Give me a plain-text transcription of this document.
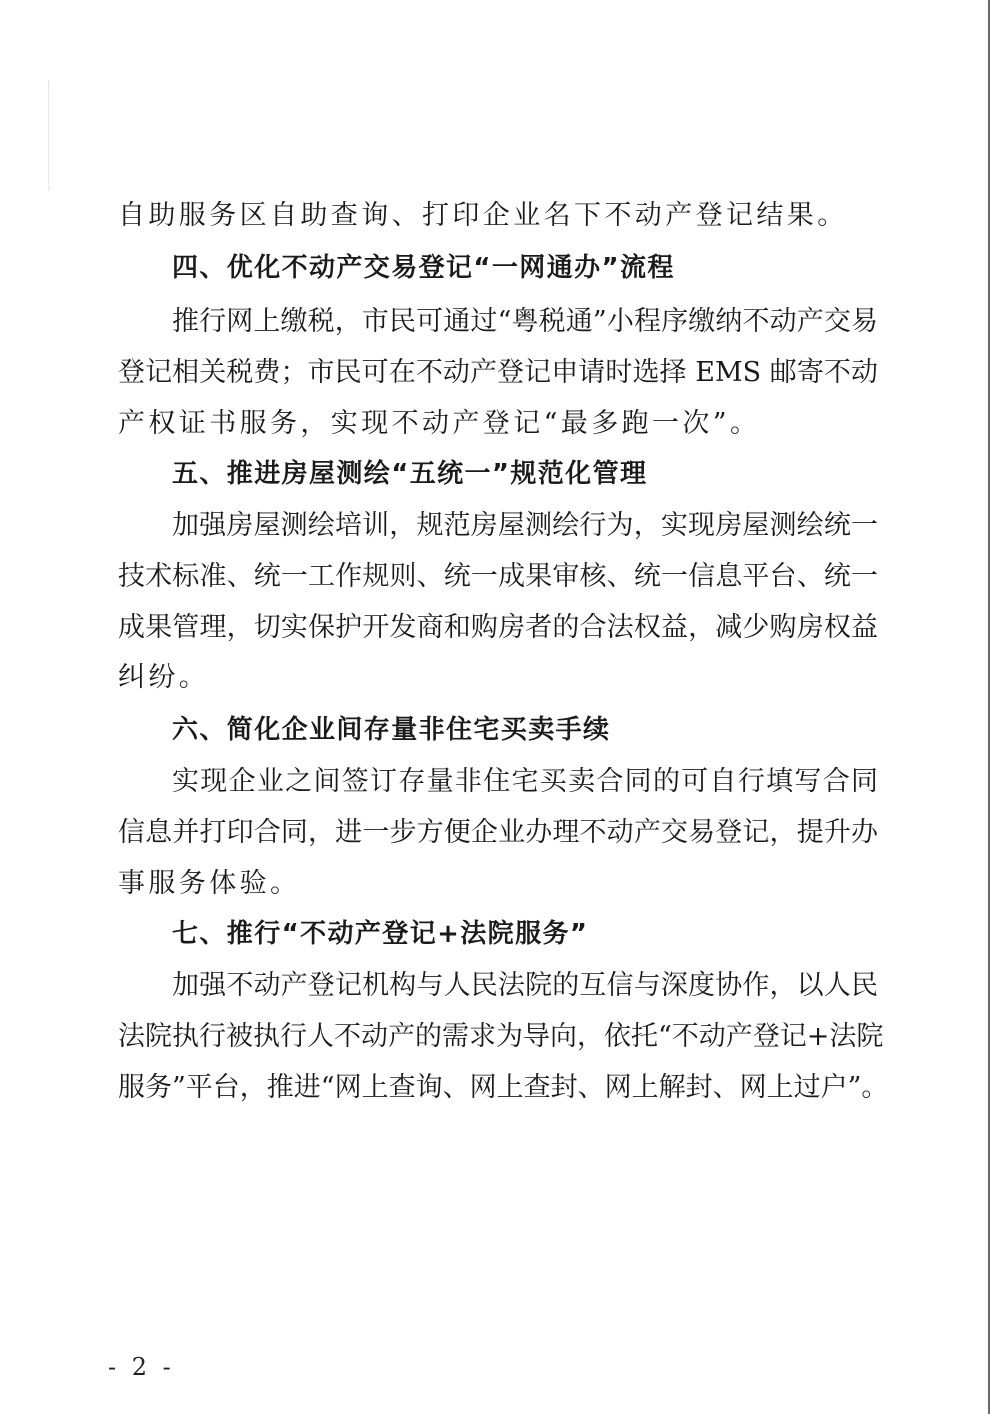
自助服务区自助查询、打印企业名下不动产登记结果。
四、优化不动产交易登记“一网通办”流程
推行网上缴税，市民可通过“粤税通”小程序缴纳不动产交易
登记相关税费；市民可在不动产登记申请时选择 EMS 邮寄不动
产权证书服务，实现不动产登记“最多跑一次”。
五、推进房屋测绘“五统一”规范化管理
加强房屋测绘培训，规范房屋测绘行为，实现房屋测绘统一
技术标准、统一工作规则、统一成果审核、统一信息平台、统一
成果管理，切实保护开发商和购房者的合法权益，减少购房权益
纠纷。
六、简化企业间存量非住宅买卖手续
实现企业之间签订存量非住宅买卖合同的可自行填写合同
信息并打印合同，进一步方便企业办理不动产交易登记，提升办
事服务体验。
七、推行“不动产登记+法院服务”
加强不动产登记机构与人民法院的互信与深度协作，以人民
法院执行被执行人不动产的需求为导向，依托“不动产登记+法院
服务”平台，推进“网上查询、网上查封、网上解封、网上过户”。
- 2 -
